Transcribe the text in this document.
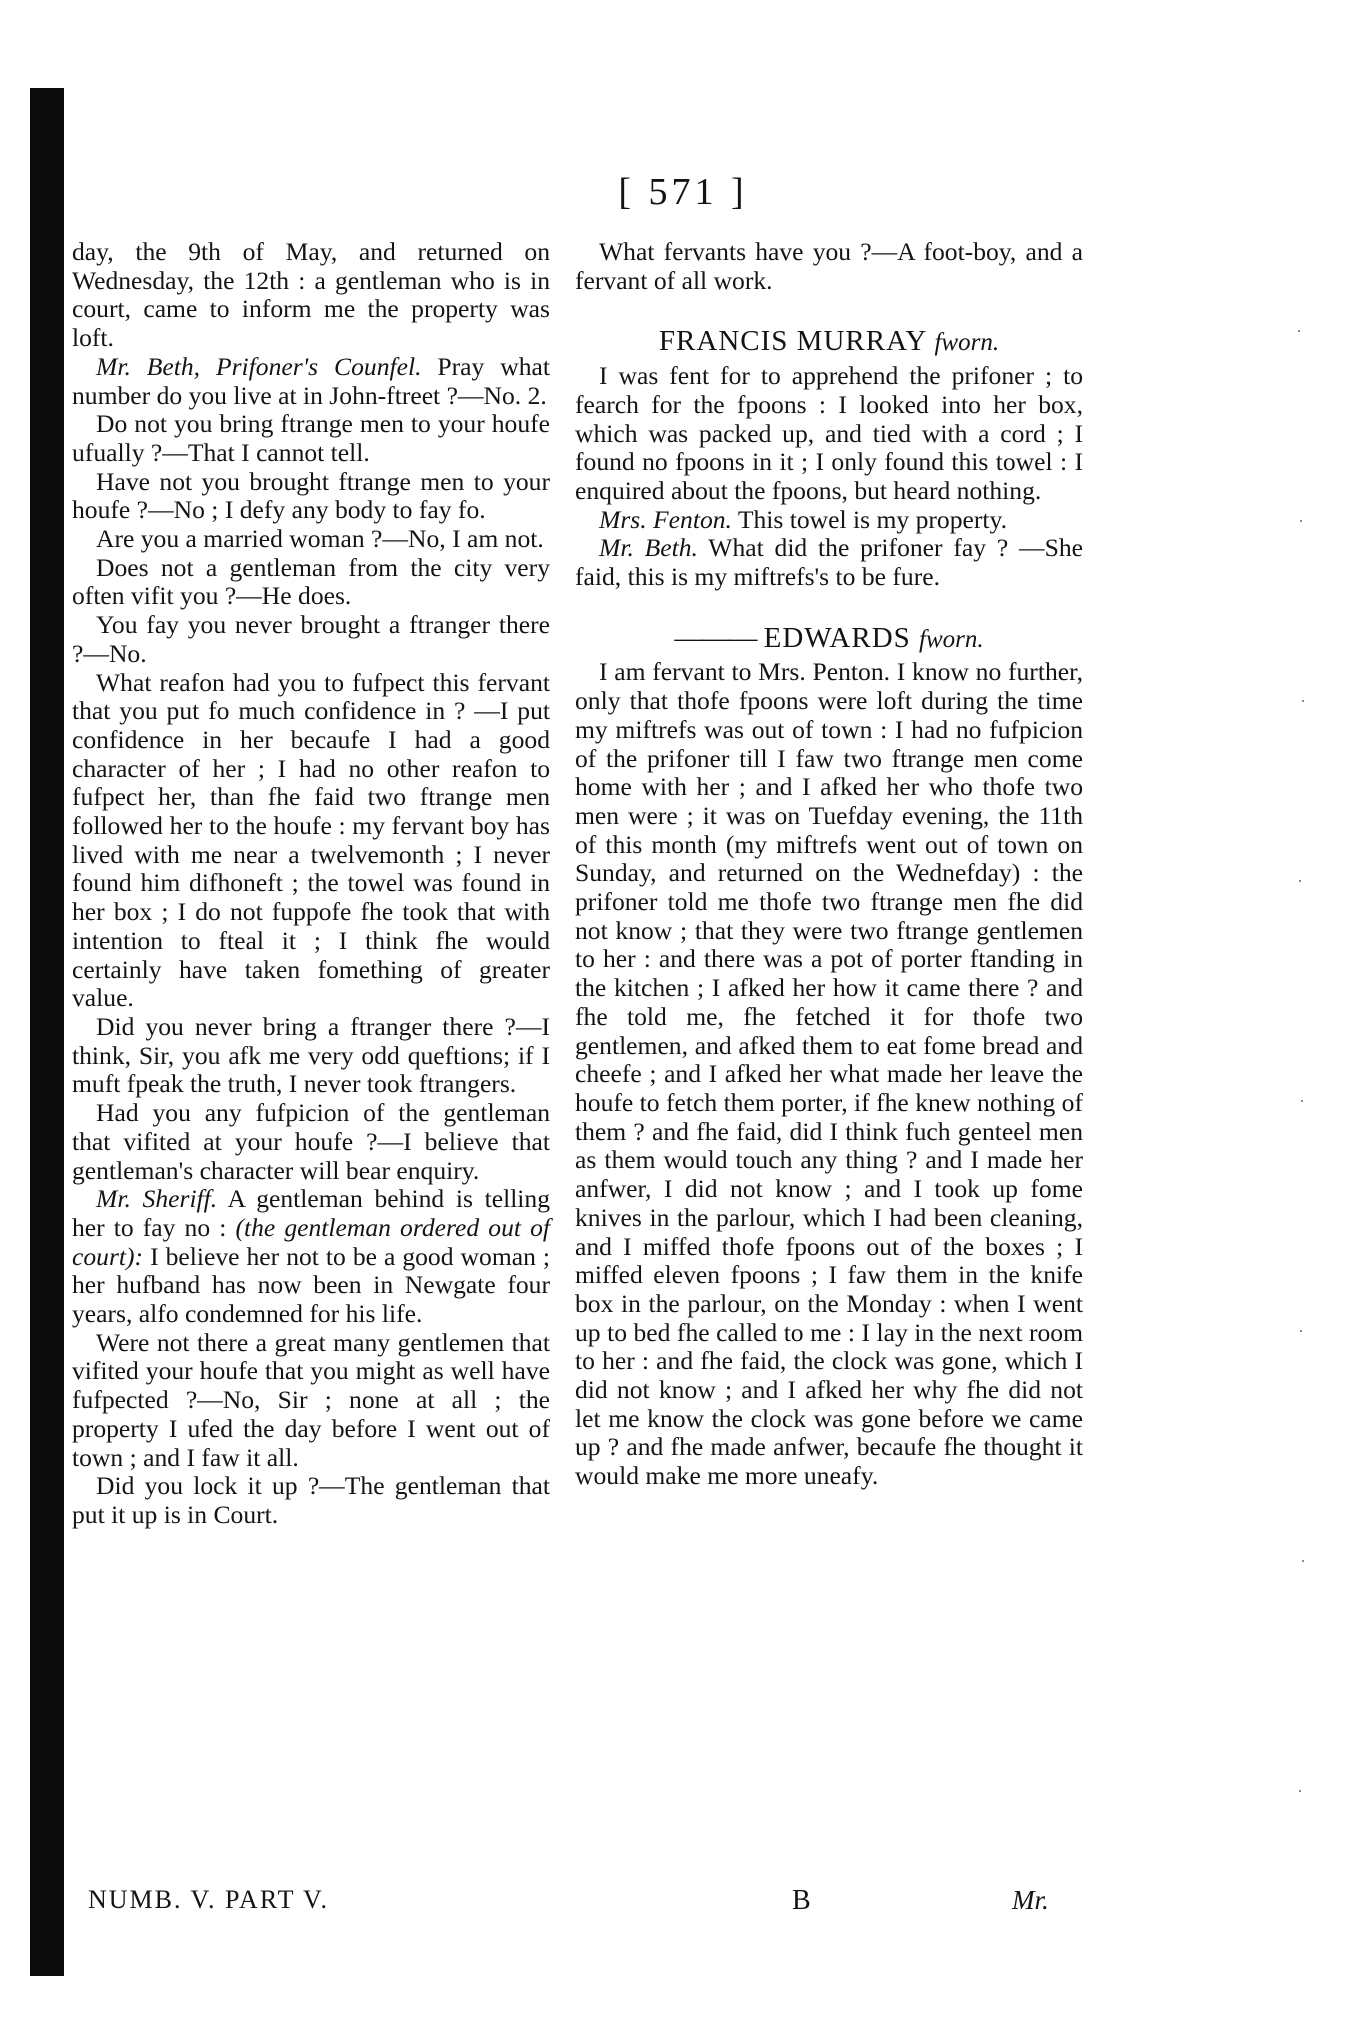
[ 571 ]

day, the 9th of May, and returned on Wednesday, the 12th : a gentleman who is in court, came to inform me the property was loft.

Mr. Beth, Prifoner's Counfel. Pray what number do you live at in John-ftreet ?—No. 2.

Do not you bring ftrange men to your houfe ufually ?—That I cannot tell.

Have not you brought ftrange men to your houfe ?—No ; I defy any body to fay fo.

Are you a married woman ?—No, I am not.

Does not a gentleman from the city very often vifit you ?—He does.

You fay you never brought a ftranger there ?—No.

What reafon had you to fufpect this fervant that you put fo much confidence in ? —I put confidence in her becaufe I had a good character of her ; I had no other reafon to fufpect her, than fhe faid two ftrange men followed her to the houfe : my fervant boy has lived with me near a twelvemonth ; I never found him difhoneft ; the towel was found in her box ; I do not fuppofe fhe took that with intention to fteal it ; I think fhe would certainly have taken fomething of greater value.

Did you never bring a ftranger there ?—I think, Sir, you afk me very odd queftions; if I muft fpeak the truth, I never took ftrangers.

Had you any fufpicion of the gentleman that vifited at your houfe ?—I believe that gentleman's character will bear enquiry.

Mr. Sheriff. A gentleman behind is telling her to fay no : (the gentleman ordered out of court): I believe her not to be a good woman ; her hufband has now been in Newgate four years, alfo condemned for his life.

Were not there a great many gentlemen that vifited your houfe that you might as well have fufpected ?—No, Sir ; none at all ; the property I ufed the day before I went out of town ; and I faw it all.

Did you lock it up ?—The gentleman that put it up is in Court.

What fervants have you ?—A foot-boy, and a fervant of all work.

FRANCIS MURRAY fworn.

I was fent for to apprehend the prifoner ; to fearch for the fpoons : I looked into her box, which was packed up, and tied with a cord ; I found no fpoons in it ; I only found this towel : I enquired about the fpoons, but heard nothing.

Mrs. Fenton. This towel is my property.

Mr. Beth. What did the prifoner fay ? —She faid, this is my miftrefs's to be fure.

——— EDWARDS fworn.

I am fervant to Mrs. Penton. I know no further, only that thofe fpoons were loft during the time my miftrefs was out of town : I had no fufpicion of the prifoner till I faw two ftrange men come home with her ; and I afked her who thofe two men were ; it was on Tuefday evening, the 11th of this month (my miftrefs went out of town on Sunday, and returned on the Wednefday) : the prifoner told me thofe two ftrange men fhe did not know ; that they were two ftrange gentlemen to her : and there was a pot of porter ftanding in the kitchen ; I afked her how it came there ? and fhe told me, fhe fetched it for thofe two gentlemen, and afked them to eat fome bread and cheefe ; and I afked her what made her leave the houfe to fetch them porter, if fhe knew nothing of them ? and fhe faid, did I think fuch genteel men as them would touch any thing ? and I made her anfwer, I did not know ; and I took up fome knives in the parlour, which I had been cleaning, and I miffed thofe fpoons out of the boxes ; I miffed eleven fpoons ; I faw them in the knife box in the parlour, on the Monday : when I went up to bed fhe called to me : I lay in the next room to her : and fhe faid, the clock was gone, which I did not know ; and I afked her why fhe did not let me know the clock was gone before we came up ? and fhe made anfwer, becaufe fhe thought it would make me more uneafy.

NUMB. V. PART V.	B	Mr.
